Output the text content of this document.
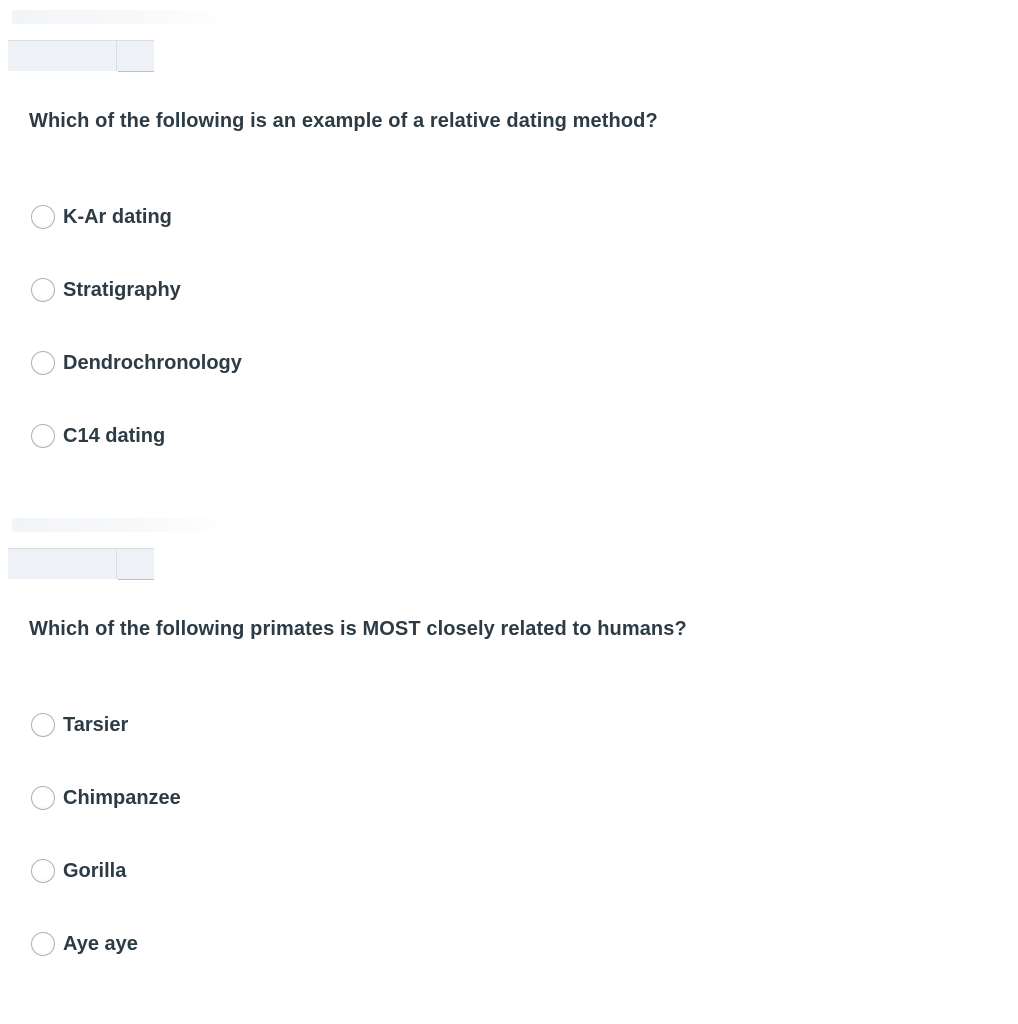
Which of the following is an example of a relative dating method?

K-Ar dating
Stratigraphy
Dendrochronology
C14 dating

Which of the following primates is MOST closely related to humans?

Tarsier
Chimpanzee
Gorilla
Aye aye
